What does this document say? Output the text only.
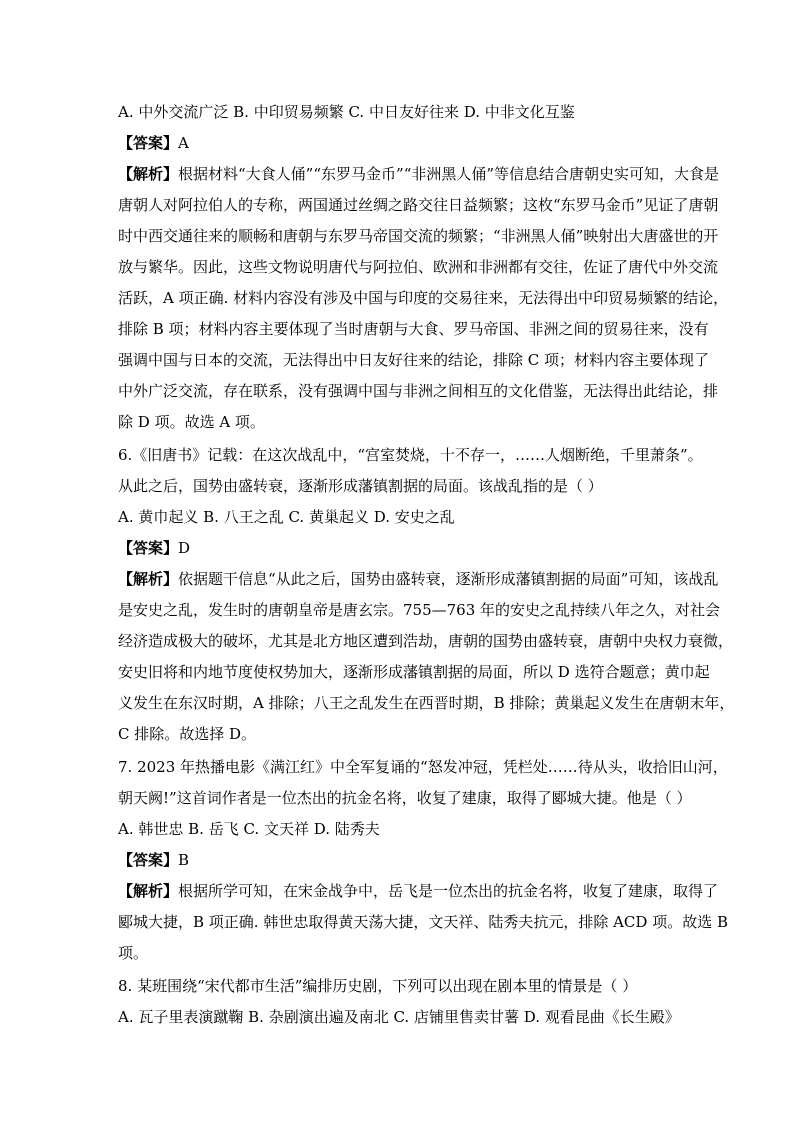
A. 中外交流广泛 B. 中印贸易频繁 C. 中日友好往来 D. 中非文化互鉴
【答案】A
【解析】根据材料“大食人俑”“东罗马金币”“非洲黑人俑”等信息结合唐朝史实可知，大食是
唐朝人对阿拉伯人的专称，两国通过丝绸之路交往日益频繁；这枚“东罗马金币”见证了唐朝
时中西交通往来的顺畅和唐朝与东罗马帝国交流的频繁；“非洲黑人俑”映射出大唐盛世的开
放与繁华。因此，这些文物说明唐代与阿拉伯、欧洲和非洲都有交往，佐证了唐代中外交流
活跃，A 项正确. 材料内容没有涉及中国与印度的交易往来，无法得出中印贸易频繁的结论，
排除 B 项；材料内容主要体现了当时唐朝与大食、罗马帝国、非洲之间的贸易往来，没有
强调中国与日本的交流，无法得出中日友好往来的结论，排除 C 项；材料内容主要体现了
中外广泛交流，存在联系，没有强调中国与非洲之间相互的文化借鉴，无法得出此结论，排
除 D 项。故选 A 项。
6.《旧唐书》记载：在这次战乱中，“宫室焚烧，十不存一，……人烟断绝，千里萧条”。
从此之后，国势由盛转衰，逐渐形成藩镇割据的局面。该战乱指的是（ ）
A. 黄巾起义 B. 八王之乱 C. 黄巢起义 D. 安史之乱
【答案】D
【解析】依据题干信息“从此之后，国势由盛转衰，逐渐形成藩镇割据的局面”可知，该战乱
是安史之乱，发生时的唐朝皇帝是唐玄宗。755—763 年的安史之乱持续八年之久，对社会
经济造成极大的破坏，尤其是北方地区遭到浩劫，唐朝的国势由盛转衰，唐朝中央权力衰微，
安史旧将和内地节度使权势加大，逐渐形成藩镇割据的局面，所以 D 选符合题意；黄巾起
义发生在东汉时期，A 排除；八王之乱发生在西晋时期，B 排除；黄巢起义发生在唐朝末年，
C 排除。故选择 D。
7. 2023 年热播电影《满江红》中全军复诵的“怒发冲冠，凭栏处……待从头，收拾旧山河，
朝天阙!”这首词作者是一位杰出的抗金名将，收复了建康，取得了郾城大捷。他是（ ）
A. 韩世忠 B. 岳飞 C. 文天祥 D. 陆秀夫
【答案】B
【解析】根据所学可知，在宋金战争中，岳飞是一位杰出的抗金名将，收复了建康，取得了
郾城大捷，B 项正确. 韩世忠取得黄天荡大捷，文天祥、陆秀夫抗元，排除 ACD 项。故选 B
项。
8. 某班围绕“宋代都市生活”编排历史剧，下列可以出现在剧本里的情景是（ ）
A. 瓦子里表演蹴鞠 B. 杂剧演出遍及南北 C. 店铺里售卖甘薯 D. 观看昆曲《长生殿》
